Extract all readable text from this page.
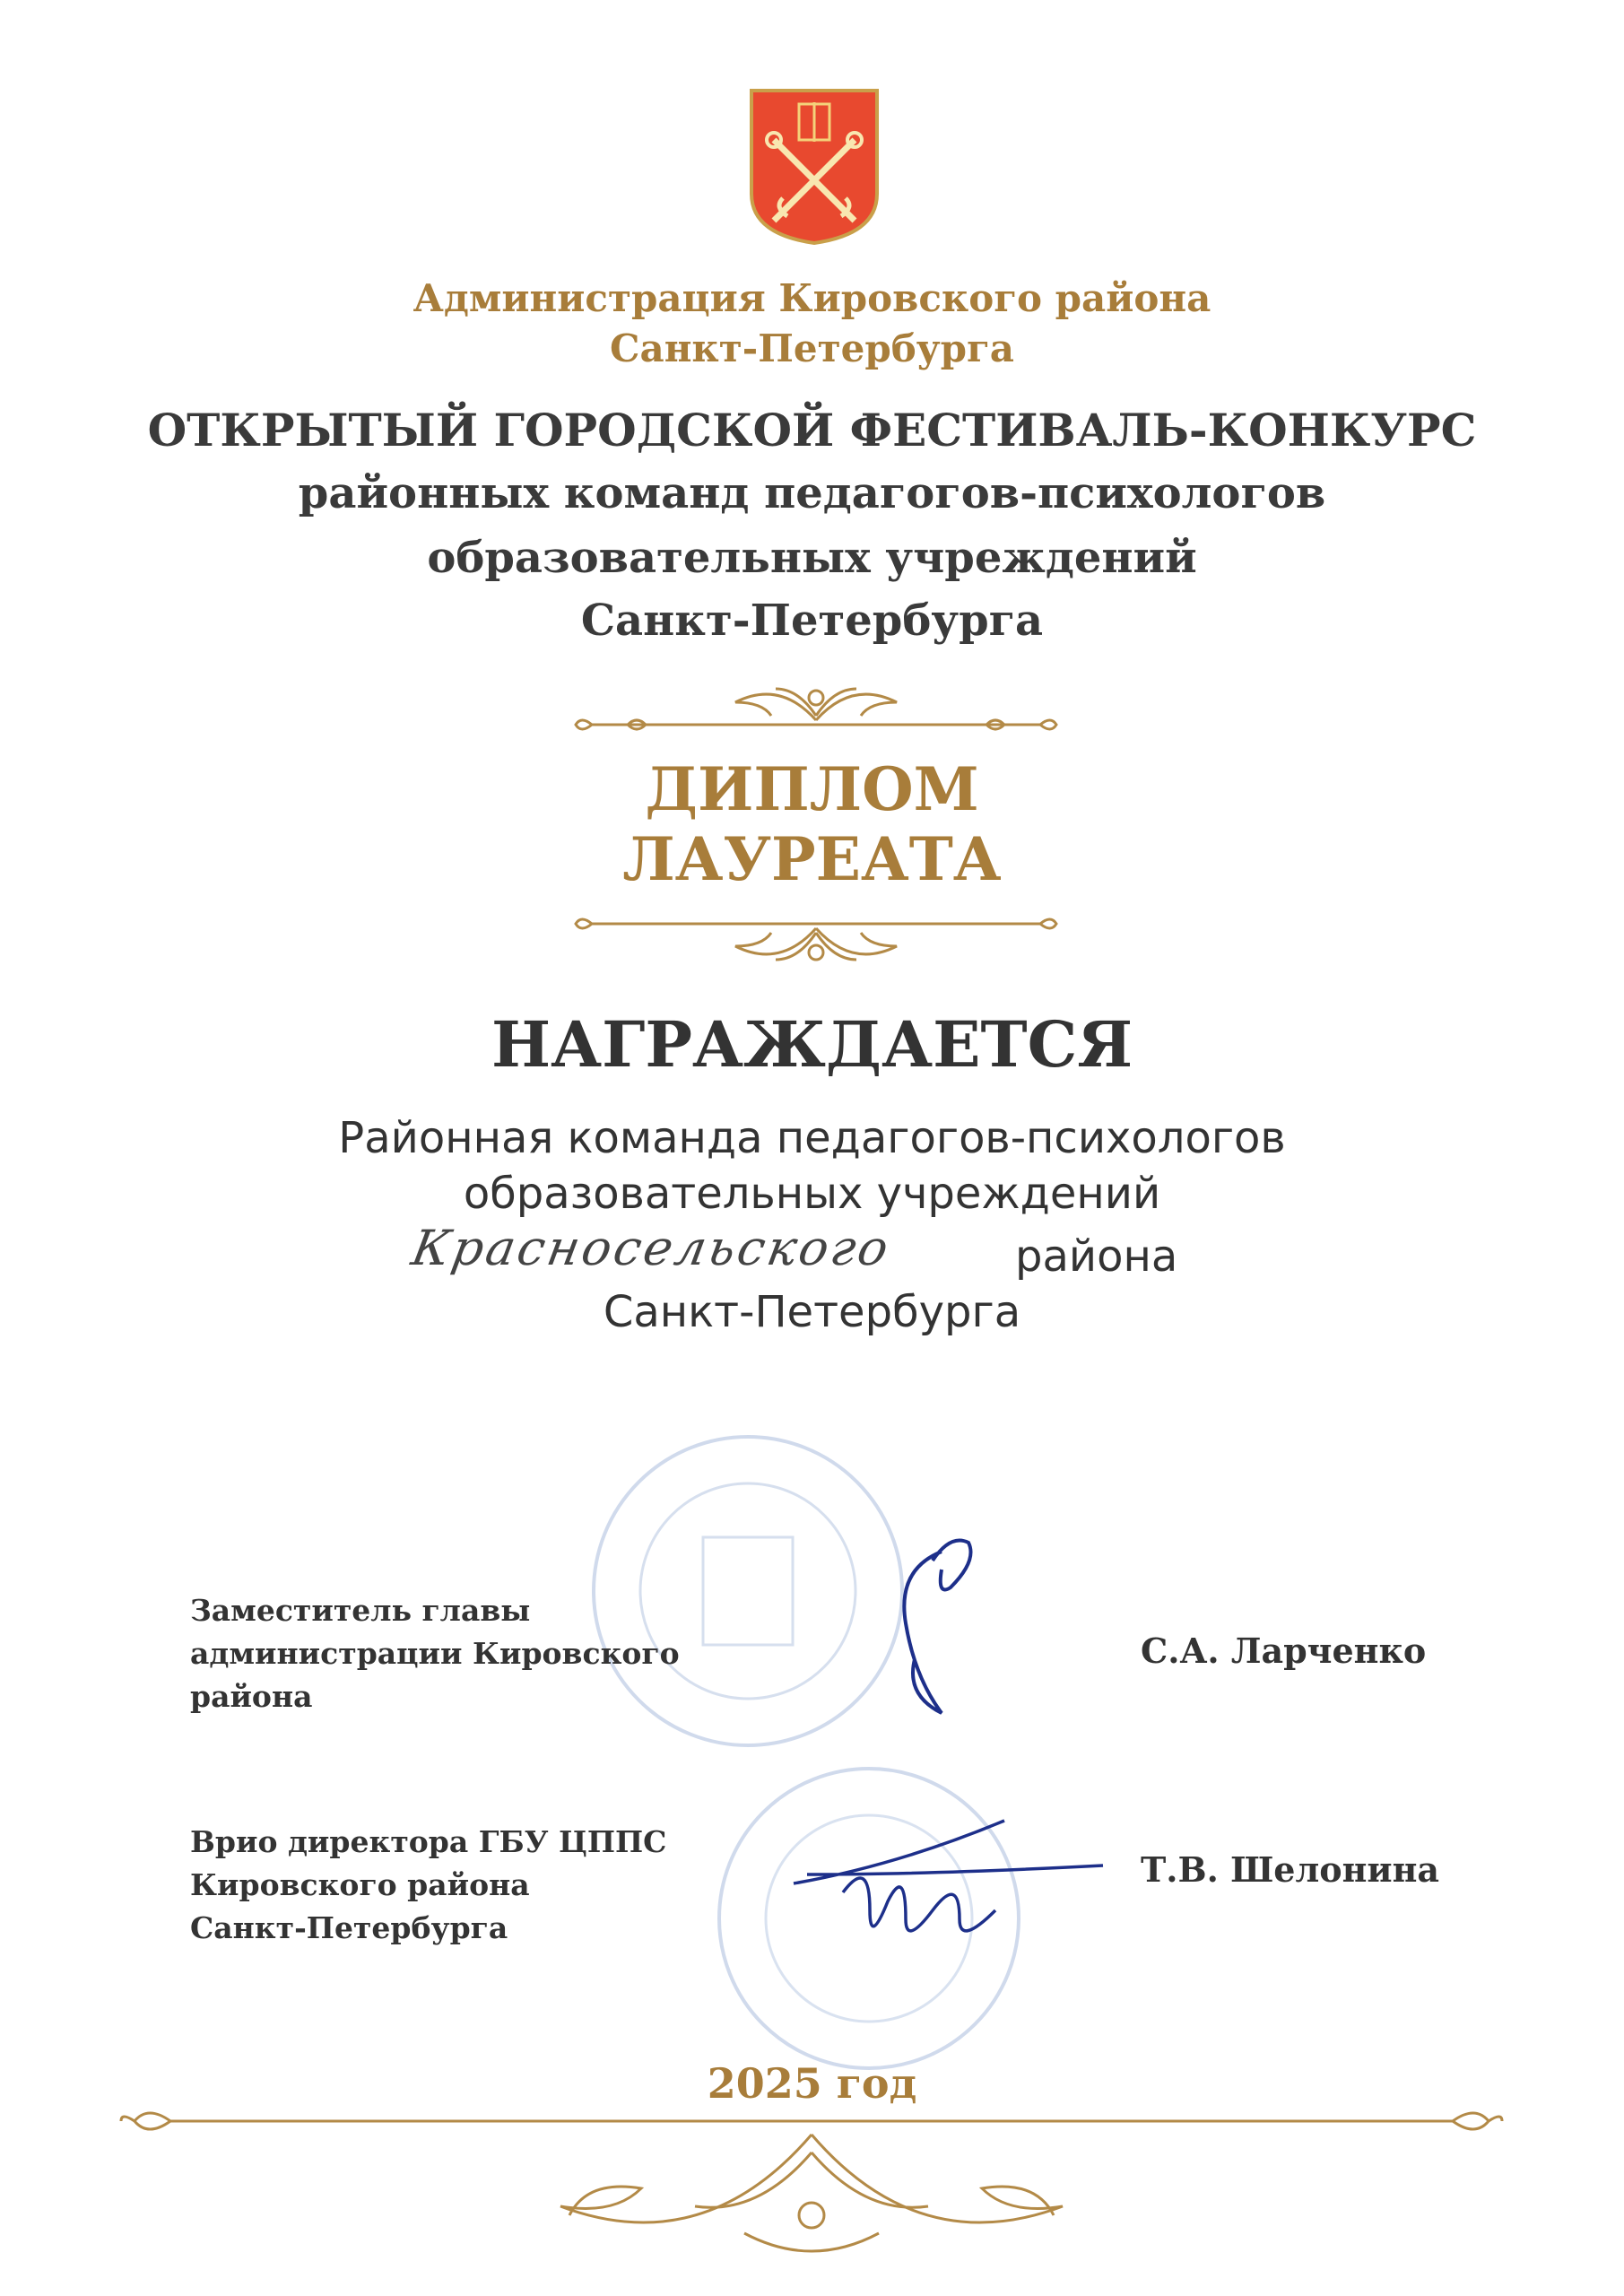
Администрация Кировского района
Санкт-Петербурга
ОТКРЫТЫЙ ГОРОДСКОЙ ФЕСТИВАЛЬ-КОНКУРС
районных команд педагогов-психологов
образовательных учреждений
Санкт-Петербурга
ДИПЛОМ
ЛАУРЕАТА
НАГРАЖДАЕТСЯ
Районная команда педагогов-психологов
образовательных учреждений
Красносельского	района
Санкт-Петербурга
Заместитель главы
администрации Кировского
района
С.А. Ларченко
Врио директора ГБУ ЦППС
Кировского района
Санкт-Петербурга
Т.В. Шелонина
2025 год
